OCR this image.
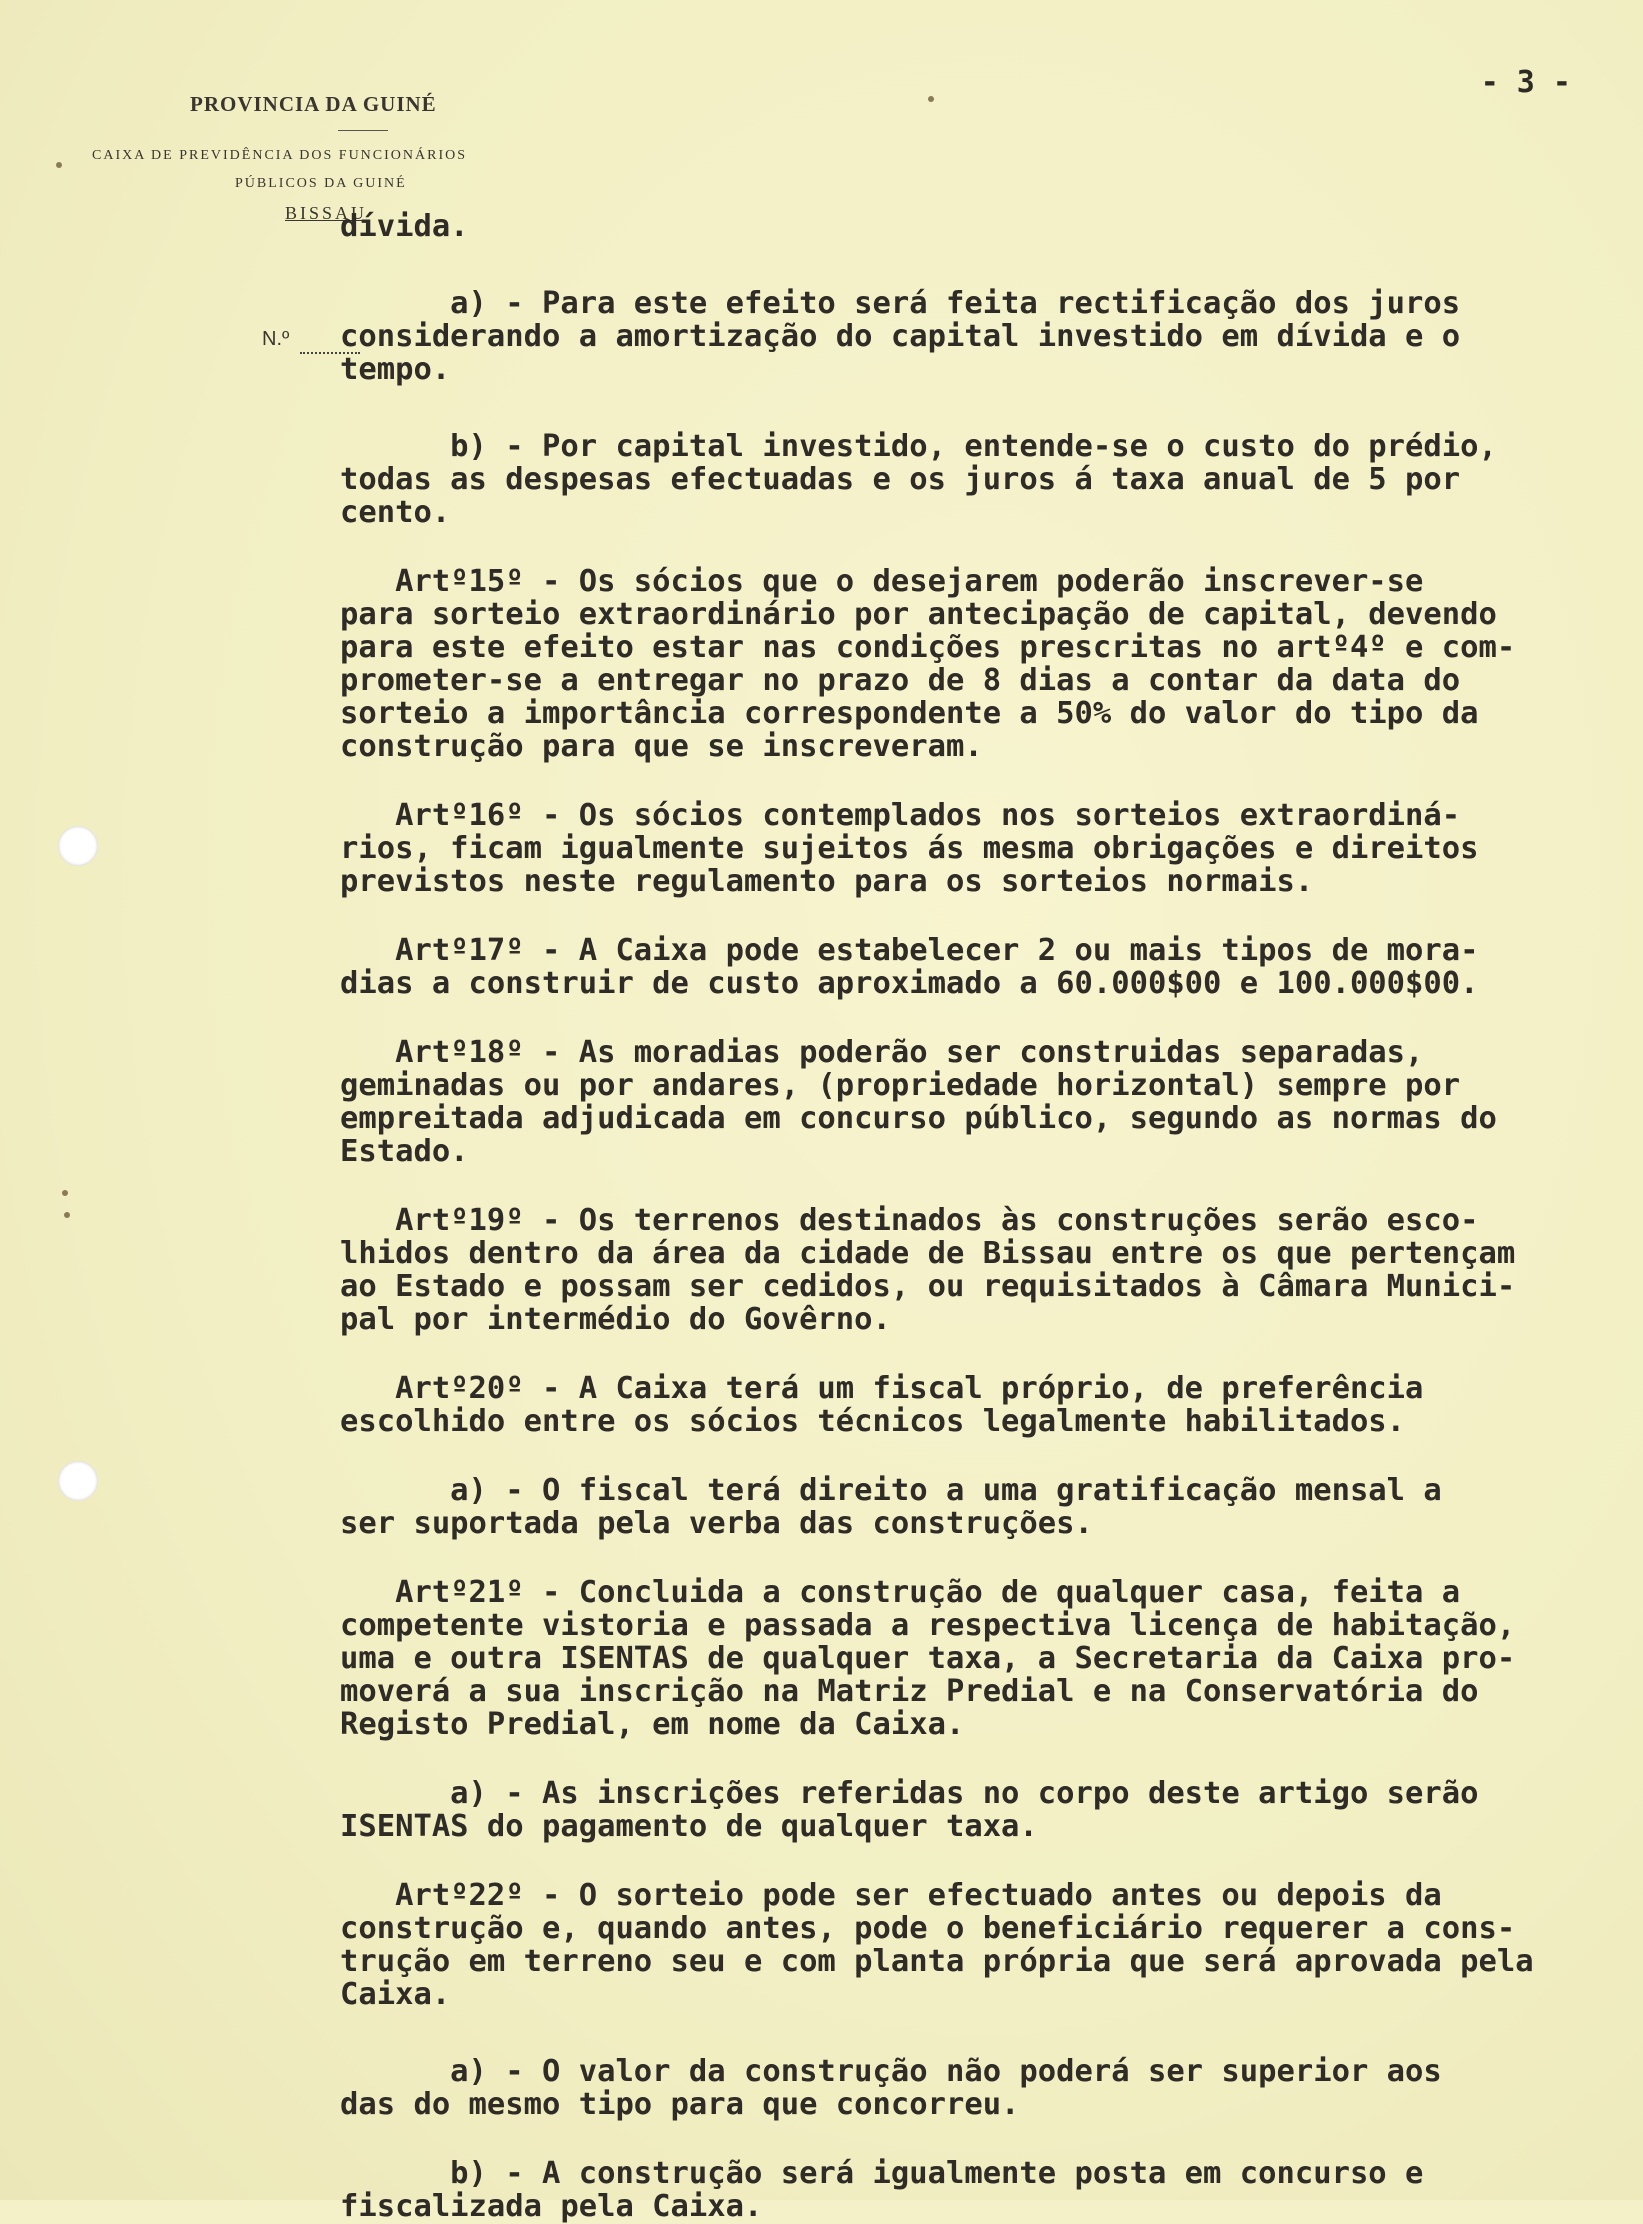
- 3 -
PROVINCIA DA GUINÉ
CAIXA DE PREVIDÊNCIA DOS FUNCIONÁRIOS
PÚBLICOS DA GUINÉ
BISSAU
N.º
dívida.
a) - Para este efeito será feita rectificação dos juros
considerando a amortização do capital investido em dívida e o
tempo.
b) - Por capital investido, entende-se o custo do prédio,
todas as despesas efectuadas e os juros á taxa anual de 5 por
cento.
Artº15º - Os sócios que o desejarem poderão inscrever-se
para sorteio extraordinário por antecipação de capital, devendo
para este efeito estar nas condições prescritas no artº4º e com-
prometer-se a entregar no prazo de 8 dias a contar da data do
sorteio a importância correspondente a 50% do valor do tipo da
construção para que se inscreveram.
Artº16º - Os sócios contemplados nos sorteios extraordiná-
rios, ficam igualmente sujeitos ás mesma obrigações e direitos
previstos neste regulamento para os sorteios normais.
Artº17º - A Caixa pode estabelecer 2 ou mais tipos de mora-
dias a construir de custo aproximado a 60.000$00 e 100.000$00.
Artº18º - As moradias poderão ser construidas separadas,
geminadas ou por andares, (propriedade horizontal) sempre por
empreitada adjudicada em concurso público, segundo as normas do
Estado.
Artº19º - Os terrenos destinados às construções serão esco-
lhidos dentro da área da cidade de Bissau entre os que pertençam
ao Estado e possam ser cedidos, ou requisitados à Câmara Munici-
pal por intermédio do Govêrno.
Artº20º - A Caixa terá um fiscal próprio, de preferência
escolhido entre os sócios técnicos legalmente habilitados.
a) - O fiscal terá direito a uma gratificação mensal a
ser suportada pela verba das construções.
Artº21º - Concluida a construção de qualquer casa, feita a
competente vistoria e passada a respectiva licença de habitação,
uma e outra ISENTAS de qualquer taxa, a Secretaria da Caixa pro-
moverá a sua inscrição na Matriz Predial e na Conservatória do
Registo Predial, em nome da Caixa.
a) - As inscrições referidas no corpo deste artigo serão
ISENTAS do pagamento de qualquer taxa.
Artº22º - O sorteio pode ser efectuado antes ou depois da
construção e, quando antes, pode o beneficiário requerer a cons-
trução em terreno seu e com planta própria que será aprovada pela
Caixa.
a) - O valor da construção não poderá ser superior aos
das do mesmo tipo para que concorreu.
b) - A construção será igualmente posta em concurso e
fiscalizada pela Caixa.
